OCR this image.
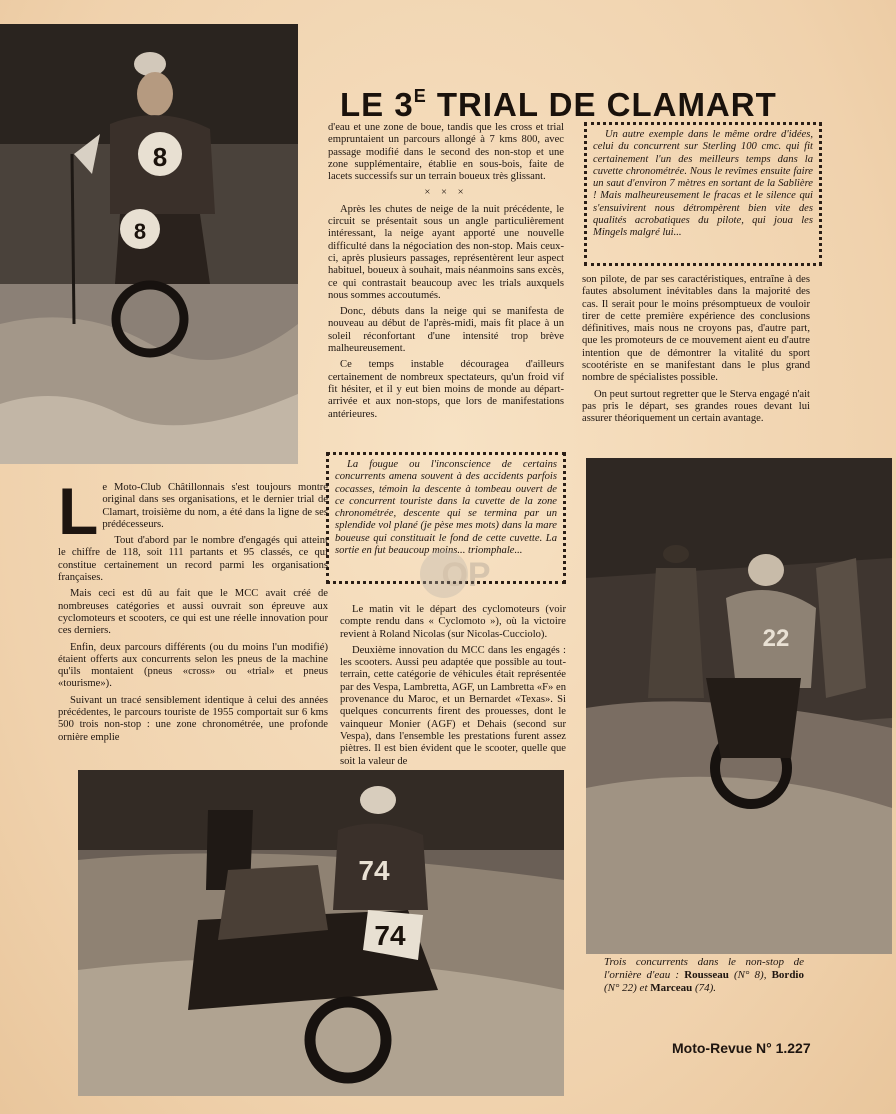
8
8
LE $3^E$ TRIAL DE CLAMART

Le Moto-Club Châtillonnais s'est toujours montré original dans ses organisations, et le dernier trial de Clamart, troisième du nom, a été dans la ligne de ses prédécesseurs.

Tout d'abord par le nombre d'engagés qui atteint le chiffre de 118, soit 111 partants et 95 classés, ce qui constitue certainement un record parmi les organisations françaises.

Mais ceci est dû au fait que le MCC avait créé de nombreuses catégories et aussi ouvrait son épreuve aux cyclomoteurs et scooters, ce qui est une réelle innovation pour ces derniers.

Enfin, deux parcours différents (ou du moins l'un modifié) étaient offerts aux concurrents selon les pneus de la machine qu'ils montaient (pneus «cross» ou «trial» et pneus «tourisme»).

Suivant un tracé sensiblement identique à celui des années précédentes, le parcours touriste de 1955 comportait sur 6 kms 500 trois non-stop : une zone chronométrée, une profonde ornière emplie

d'eau et une zone de boue, tandis que les cross et trial empruntaient un parcours allongé à 7 kms 800, avec passage modifié dans le second des non-stop et une zone supplémentaire, établie en sous-bois, faite de lacets successifs sur un terrain boueux très glissant.

× × ×

Après les chutes de neige de la nuit précédente, le circuit se présentait sous un angle particulièrement intéressant, la neige ayant apporté une nouvelle difficulté dans la négociation des non-stop. Mais ceux-ci, après plusieurs passages, représentèrent leur aspect habituel, boueux à souhait, mais néanmoins sans excès, ce qui contrastait beaucoup avec les trials auxquels nous sommes accoutumés.

Donc, débuts dans la neige qui se manifesta de nouveau au début de l'après-midi, mais fit place à un soleil réconfortant d'une intensité trop brève malheureusement.

Ce temps instable découragea d'ailleurs certainement de nombreux spectateurs, qu'un froid vif fit hésiter, et il y eut bien moins de monde au départ-arrivée et aux non-stops, que lors de manifestations antérieures.

La fougue ou l'inconscience de certains concurrents amena souvent à des accidents parfois cocasses, témoin la descente à tombeau ouvert de ce concurrent touriste dans la cuvette de la zone chronométrée, descente qui se termina par un splendide vol plané (je pèse mes mots) dans la mare boueuse qui constituait le fond de cette cuvette. La sortie en fut beaucoup moins... triomphale...

OP

Le matin vit le départ des cyclomoteurs (voir compte rendu dans « Cyclomoto »), où la victoire revient à Roland Nicolas (sur Nicolas-Cucciolo).

Deuxième innovation du MCC dans les engagés : les scooters. Aussi peu adaptée que possible au tout-terrain, cette catégorie de véhicules était représentée par des Vespa, Lambretta, AGF, un Lambretta «F» en provenance du Maroc, et un Bernardet «Texas». Si quelques concurrents firent des prouesses, dont le vainqueur Monier (AGF) et Dehais (second sur Vespa), dans l'ensemble les prestations furent assez piètres. Il est bien évident que le scooter, quelle que soit la valeur de

Un autre exemple dans le même ordre d'idées, celui du concurrent sur Sterling 100 cmc. qui fit certainement l'un des meilleurs temps dans la cuvette chronométrée. Nous le revîmes ensuite faire un saut d'environ 7 mètres en sortant de la Sablière ! Mais malheureusement le fracas et le silence qui s'ensuivirent nous détrompèrent bien vite des qualités acrobatiques du pilote, qui joua les Mingels malgré lui...

son pilote, de par ses caractéristiques, entraîne à des fautes absolument inévitables dans la majorité des cas. Il serait pour le moins présomptueux de vouloir tirer de cette première expérience des conclusions définitives, mais nous ne croyons pas, d'autre part, que les promoteurs de ce mouvement aient eu d'autre intention que de démontrer la vitalité du sport scootériste en se manifestant dans le plus grand nombre de spécialistes possible.

On peut surtout regretter que le Sterva engagé n'ait pas pris le départ, ses grandes roues devant lui assurer théoriquement un certain avantage.

22
Trois concurrents dans le non-stop de l'ornière d'eau : Rousseau (N° 8), Bordio (N° 22) et Marceau (74).
74
74
Moto-Revue N° 1.227
